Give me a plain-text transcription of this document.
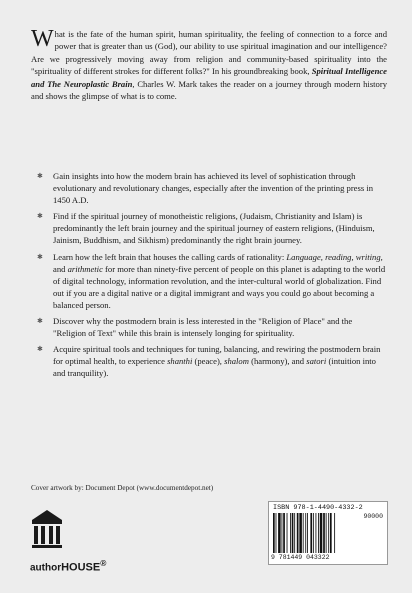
What is the fate of the human spirit, human spirituality, the feeling of connection to a force and power that is greater than us (God), our ability to use spiritual imagination and our intelligence? Are we progressively moving away from religion and community-based spirituality into the "spirituality of different strokes for different folks?" In his groundbreaking book, Spiritual Intelligence and The Neuroplastic Brain, Charles W. Mark takes the reader on a journey through modern history and shows the glimpse of what is to come.

✱ Gain insights into how the modern brain has achieved its level of sophistication through evolutionary and revolutionary changes, especially after the invention of the printing press in 1450 A.D.
✱ Find if the spiritual journey of monotheistic religions, (Judaism, Christianity and Islam) is predominantly the left brain journey and the spiritual journey of eastern religions, (Hinduism, Jainism, Buddhism, and Sikhism) predominantly the right brain journey.
✱ Learn how the left brain that houses the calling cards of rationality: Language, reading, writing, and arithmetic for more than ninety-five percent of people on this planet is adapting to the world of digital technology, information revolution, and the inter-cultural world of globalization. Find out if you are a digital native or a digital immigrant and ways you could go about becoming a balanced person.
✱ Discover why the postmodern brain is less interested in the "Religion of Place" and the "Religion of Text" while this brain is intensely longing for spirituality.
✱ Acquire spiritual tools and techniques for tuning, balancing, and rewiring the postmodern brain for optimal health, to experience shanthi (peace), shalom (harmony), and satori (intuition into and tranquility).
Cover artwork by: Document Depot (www.documentdepot.net)
authorHOUSE®
ISBN 978-1-4490-4332-2
90000
9 781449 043322
